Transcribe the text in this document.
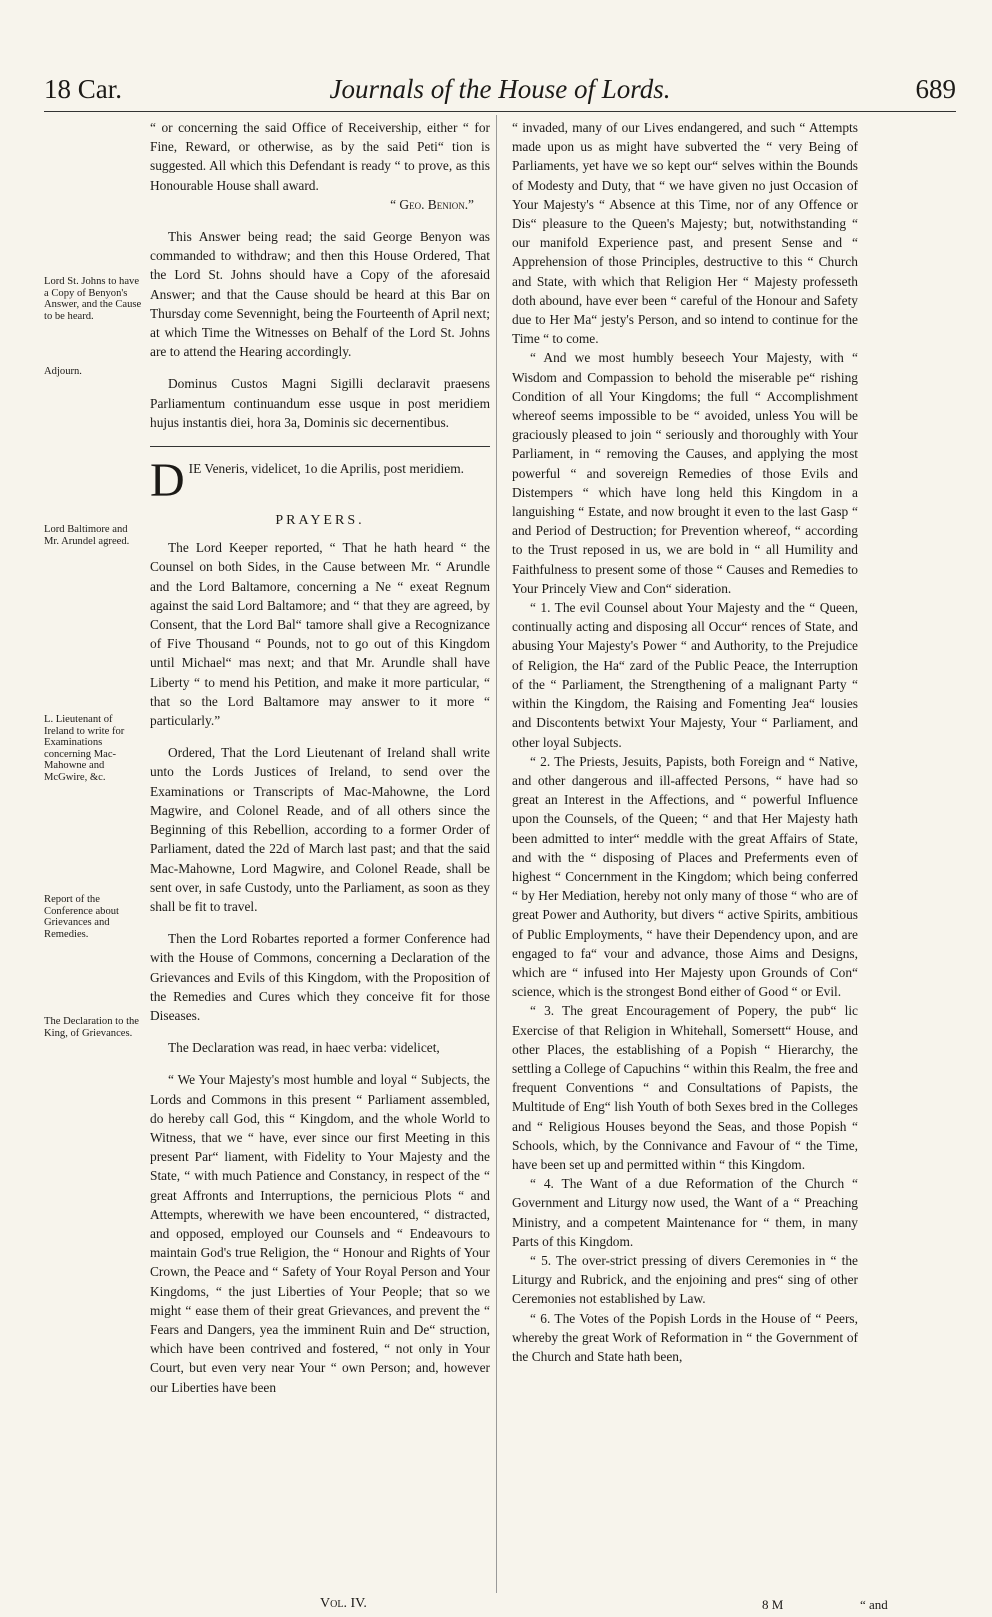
18 Car.	Journals of the House of Lords.	689
Lord St. Johns to have a Copy of Benyon's Answer, and the Cause to be heard.
Adjourn.
Lord Baltimore and Mr. Arundel agreed.
L. Lieutenant of Ireland to write for Examinations concerning Mac-Mahowne and McGwire, &c.
Report of the Conference about Grievances and Remedies.
The Declaration to the King, of Grievances.

“ or concerning the said Office of Receivership, either “ for Fine, Reward, or otherwise, as by the said Peti“ tion is suggested. All which this Defendant is ready “ to prove, as this Honourable House shall award.

“ Geo. Benion.”

This Answer being read; the said George Benyon was commanded to withdraw; and then this House Ordered, That the Lord St. Johns should have a Copy of the aforesaid Answer; and that the Cause should be heard at this Bar on Thursday come Sevennight, being the Fourteenth of April next; at which Time the Witnesses on Behalf of the Lord St. Johns are to attend the Hearing accordingly.

Dominus Custos Magni Sigilli declaravit praesens Parliamentum continuandum esse usque in post meridiem hujus instantis diei, hora 3a, Dominis sic decernentibus.

D IE Veneris, videlicet, 1o die Aprilis, post meridiem.

PRAYERS.

The Lord Keeper reported, “ That he hath heard “ the Counsel on both Sides, in the Cause between Mr. “ Arundle and the Lord Baltamore, concerning a Ne “ exeat Regnum against the said Lord Baltamore; and “ that they are agreed, by Consent, that the Lord Bal“ tamore shall give a Recognizance of Five Thousand “ Pounds, not to go out of this Kingdom until Michael“ mas next; and that Mr. Arundle shall have Liberty “ to mend his Petition, and make it more particular, “ that so the Lord Baltamore may answer to it more “ particularly.”

Ordered, That the Lord Lieutenant of Ireland shall write unto the Lords Justices of Ireland, to send over the Examinations or Transcripts of Mac-Mahowne, the Lord Magwire, and Colonel Reade, and of all others since the Beginning of this Rebellion, according to a former Order of Parliament, dated the 22d of March last past; and that the said Mac-Mahowne, Lord Magwire, and Colonel Reade, shall be sent over, in safe Custody, unto the Parliament, as soon as they shall be fit to travel.

Then the Lord Robartes reported a former Conference had with the House of Commons, concerning a Declaration of the Grievances and Evils of this Kingdom, with the Proposition of the Remedies and Cures which they conceive fit for those Diseases.

The Declaration was read, in haec verba: videlicet,

“ We Your Majesty's most humble and loyal “ Subjects, the Lords and Commons in this present “ Parliament assembled, do hereby call God, this “ Kingdom, and the whole World to Witness, that we “ have, ever since our first Meeting in this present Par“ liament, with Fidelity to Your Majesty and the State, “ with much Patience and Constancy, in respect of the “ great Affronts and Interruptions, the pernicious Plots “ and Attempts, wherewith we have been encountered, “ distracted, and opposed, employed our Counsels and “ Endeavours to maintain God's true Religion, the “ Honour and Rights of Your Crown, the Peace and “ Safety of Your Royal Person and Your Kingdoms, “ the just Liberties of Your People; that so we might “ ease them of their great Grievances, and prevent the “ Fears and Dangers, yea the imminent Ruin and De“ struction, which have been contrived and fostered, “ not only in Your Court, but even very near Your “ own Person; and, however our Liberties have been

“ invaded, many of our Lives endangered, and such “ Attempts made upon us as might have subverted the “ very Being of Parliaments, yet have we so kept our“ selves within the Bounds of Modesty and Duty, that “ we have given no just Occasion of Your Majesty's “ Absence at this Time, nor of any Offence or Dis“ pleasure to the Queen's Majesty; but, notwithstanding “ our manifold Experience past, and present Sense and “ Apprehension of those Principles, destructive to this “ Church and State, with which that Religion Her “ Majesty professeth doth abound, have ever been “ careful of the Honour and Safety due to Her Ma“ jesty's Person, and so intend to continue for the Time “ to come.

“ And we most humbly beseech Your Majesty, with “ Wisdom and Compassion to behold the miserable pe“ rishing Condition of all Your Kingdoms; the full “ Accomplishment whereof seems impossible to be “ avoided, unless You will be graciously pleased to join “ seriously and thoroughly with Your Parliament, in “ removing the Causes, and applying the most powerful “ and sovereign Remedies of those Evils and Distempers “ which have long held this Kingdom in a languishing “ Estate, and now brought it even to the last Gasp “ and Period of Destruction; for Prevention whereof, “ according to the Trust reposed in us, we are bold in “ all Humility and Faithfulness to present some of those “ Causes and Remedies to Your Princely View and Con“ sideration.

“ 1. The evil Counsel about Your Majesty and the “ Queen, continually acting and disposing all Occur“ rences of State, and abusing Your Majesty's Power “ and Authority, to the Prejudice of Religion, the Ha“ zard of the Public Peace, the Interruption of the “ Parliament, the Strengthening of a malignant Party “ within the Kingdom, the Raising and Fomenting Jea“ lousies and Discontents betwixt Your Majesty, Your “ Parliament, and other loyal Subjects.

“ 2. The Priests, Jesuits, Papists, both Foreign and “ Native, and other dangerous and ill-affected Persons, “ have had so great an Interest in the Affections, and “ powerful Influence upon the Counsels, of the Queen; “ and that Her Majesty hath been admitted to inter“ meddle with the great Affairs of State, and with the “ disposing of Places and Preferments even of highest “ Concernment in the Kingdom; which being conferred “ by Her Mediation, hereby not only many of those “ who are of great Power and Authority, but divers “ active Spirits, ambitious of Public Employments, “ have their Dependency upon, and are engaged to fa“ vour and advance, those Aims and Designs, which are “ infused into Her Majesty upon Grounds of Con“ science, which is the strongest Bond either of Good “ or Evil.

“ 3. The great Encouragement of Popery, the pub“ lic Exercise of that Religion in Whitehall, Somersett“ House, and other Places, the establishing of a Popish “ Hierarchy, the settling a College of Capuchins “ within this Realm, the free and frequent Conventions “ and Consultations of Papists, the Multitude of Eng“ lish Youth of both Sexes bred in the Colleges and “ Religious Houses beyond the Seas, and those Popish “ Schools, which, by the Connivance and Favour of “ the Time, have been set up and permitted within “ this Kingdom.

“ 4. The Want of a due Reformation of the Church “ Government and Liturgy now used, the Want of a “ Preaching Ministry, and a competent Maintenance for “ them, in many Parts of this Kingdom.

“ 5. The over-strict pressing of divers Ceremonies in “ the Liturgy and Rubrick, and the enjoining and pres“ sing of other Ceremonies not established by Law.

“ 6. The Votes of the Popish Lords in the House of “ Peers, whereby the great Work of Reformation in “ the Government of the Church and State hath been,

Vol. IV.	8 M	“ and
